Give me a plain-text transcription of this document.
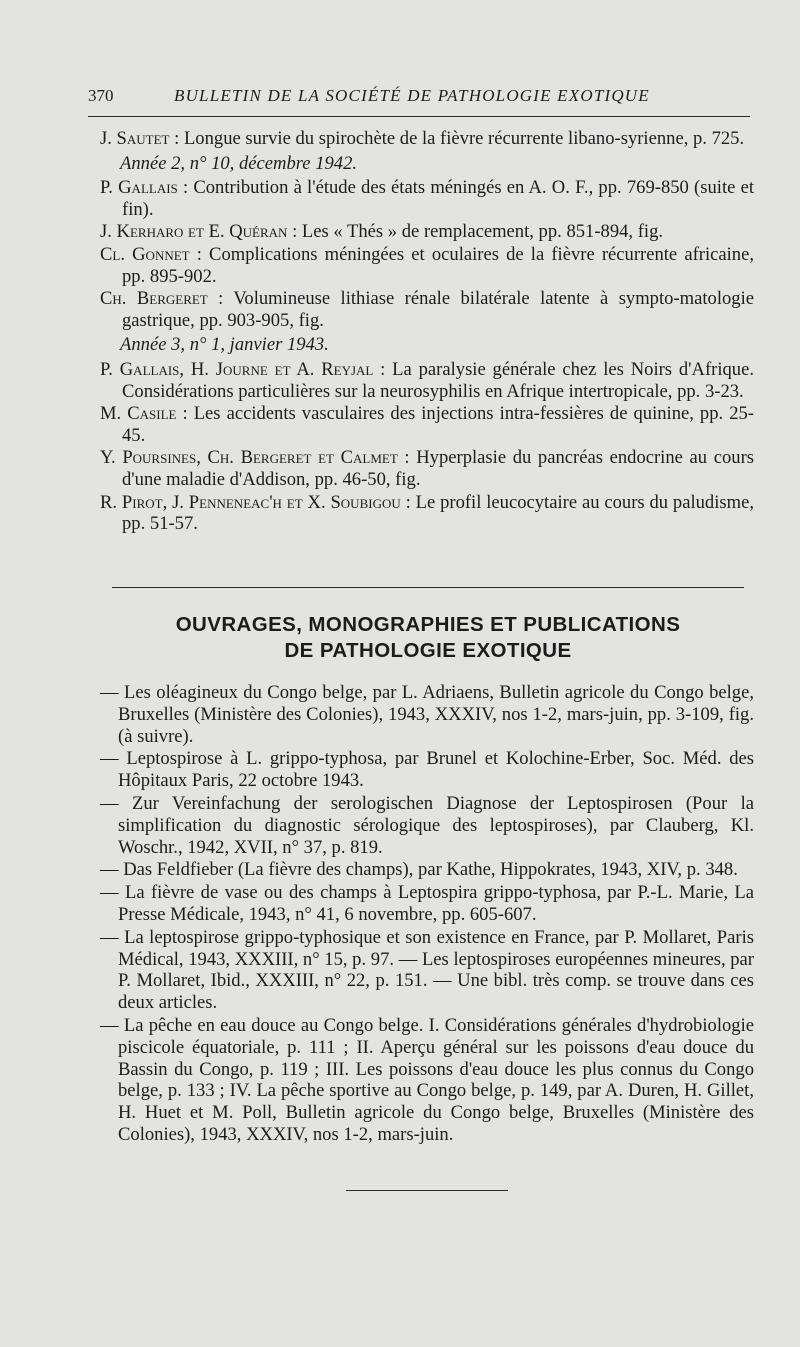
370	BULLETIN DE LA SOCIÉTÉ DE PATHOLOGIE EXOTIQUE

J. Sautet : Longue survie du spirochète de la fièvre récurrente libano-syrienne, p. 725.

Année 2, n° 10, décembre 1942.

P. Gallais : Contribution à l'étude des états méningés en A. O. F., pp. 769-850 (suite et fin).

J. Kerharo et E. Quéran : Les « Thés » de remplacement, pp. 851-894, fig.

Cl. Gonnet : Complications méningées et oculaires de la fièvre récurrente africaine, pp. 895-902.

Ch. Bergeret : Volumineuse lithiase rénale bilatérale latente à sympto-matologie gastrique, pp. 903-905, fig.

Année 3, n° 1, janvier 1943.

P. Gallais, H. Journe et A. Reyjal : La paralysie générale chez les Noirs d'Afrique. Considérations particulières sur la neurosyphilis en Afrique intertropicale, pp. 3-23.

M. Casile : Les accidents vasculaires des injections intra-fessières de quinine, pp. 25-45.

Y. Poursines, Ch. Bergeret et Calmet : Hyperplasie du pancréas endocrine au cours d'une maladie d'Addison, pp. 46-50, fig.

R. Pirot, J. Penneneac'h et X. Soubigou : Le profil leucocytaire au cours du paludisme, pp. 51-57.

OUVRAGES, MONOGRAPHIES ET PUBLICATIONS
DE PATHOLOGIE EXOTIQUE

— Les oléagineux du Congo belge, par L. Adriaens, Bulletin agricole du Congo belge, Bruxelles (Ministère des Colonies), 1943, XXXIV, nos 1-2, mars-juin, pp. 3-109, fig. (à suivre).

— Leptospirose à L. grippo-typhosa, par Brunel et Kolochine-Erber, Soc. Méd. des Hôpitaux Paris, 22 octobre 1943.

— Zur Vereinfachung der serologischen Diagnose der Leptospirosen (Pour la simplification du diagnostic sérologique des leptospiroses), par Clauberg, Kl. Woschr., 1942, XVII, n° 37, p. 819.

— Das Feldfieber (La fièvre des champs), par Kathe, Hippokrates, 1943, XIV, p. 348.

— La fièvre de vase ou des champs à Leptospira grippo-typhosa, par P.-L. Marie, La Presse Médicale, 1943, n° 41, 6 novembre, pp. 605-607.

— La leptospirose grippo-typhosique et son existence en France, par P. Mollaret, Paris Médical, 1943, XXXIII, n° 15, p. 97. — Les leptospiroses européennes mineures, par P. Mollaret, Ibid., XXXIII, n° 22, p. 151. — Une bibl. très comp. se trouve dans ces deux articles.

— La pêche en eau douce au Congo belge. I. Considérations générales d'hydrobiologie piscicole équatoriale, p. 111 ; II. Aperçu général sur les poissons d'eau douce du Bassin du Congo, p. 119 ; III. Les poissons d'eau douce les plus connus du Congo belge, p. 133 ; IV. La pêche sportive au Congo belge, p. 149, par A. Duren, H. Gillet, H. Huet et M. Poll, Bulletin agricole du Congo belge, Bruxelles (Ministère des Colonies), 1943, XXXIV, nos 1-2, mars-juin.
